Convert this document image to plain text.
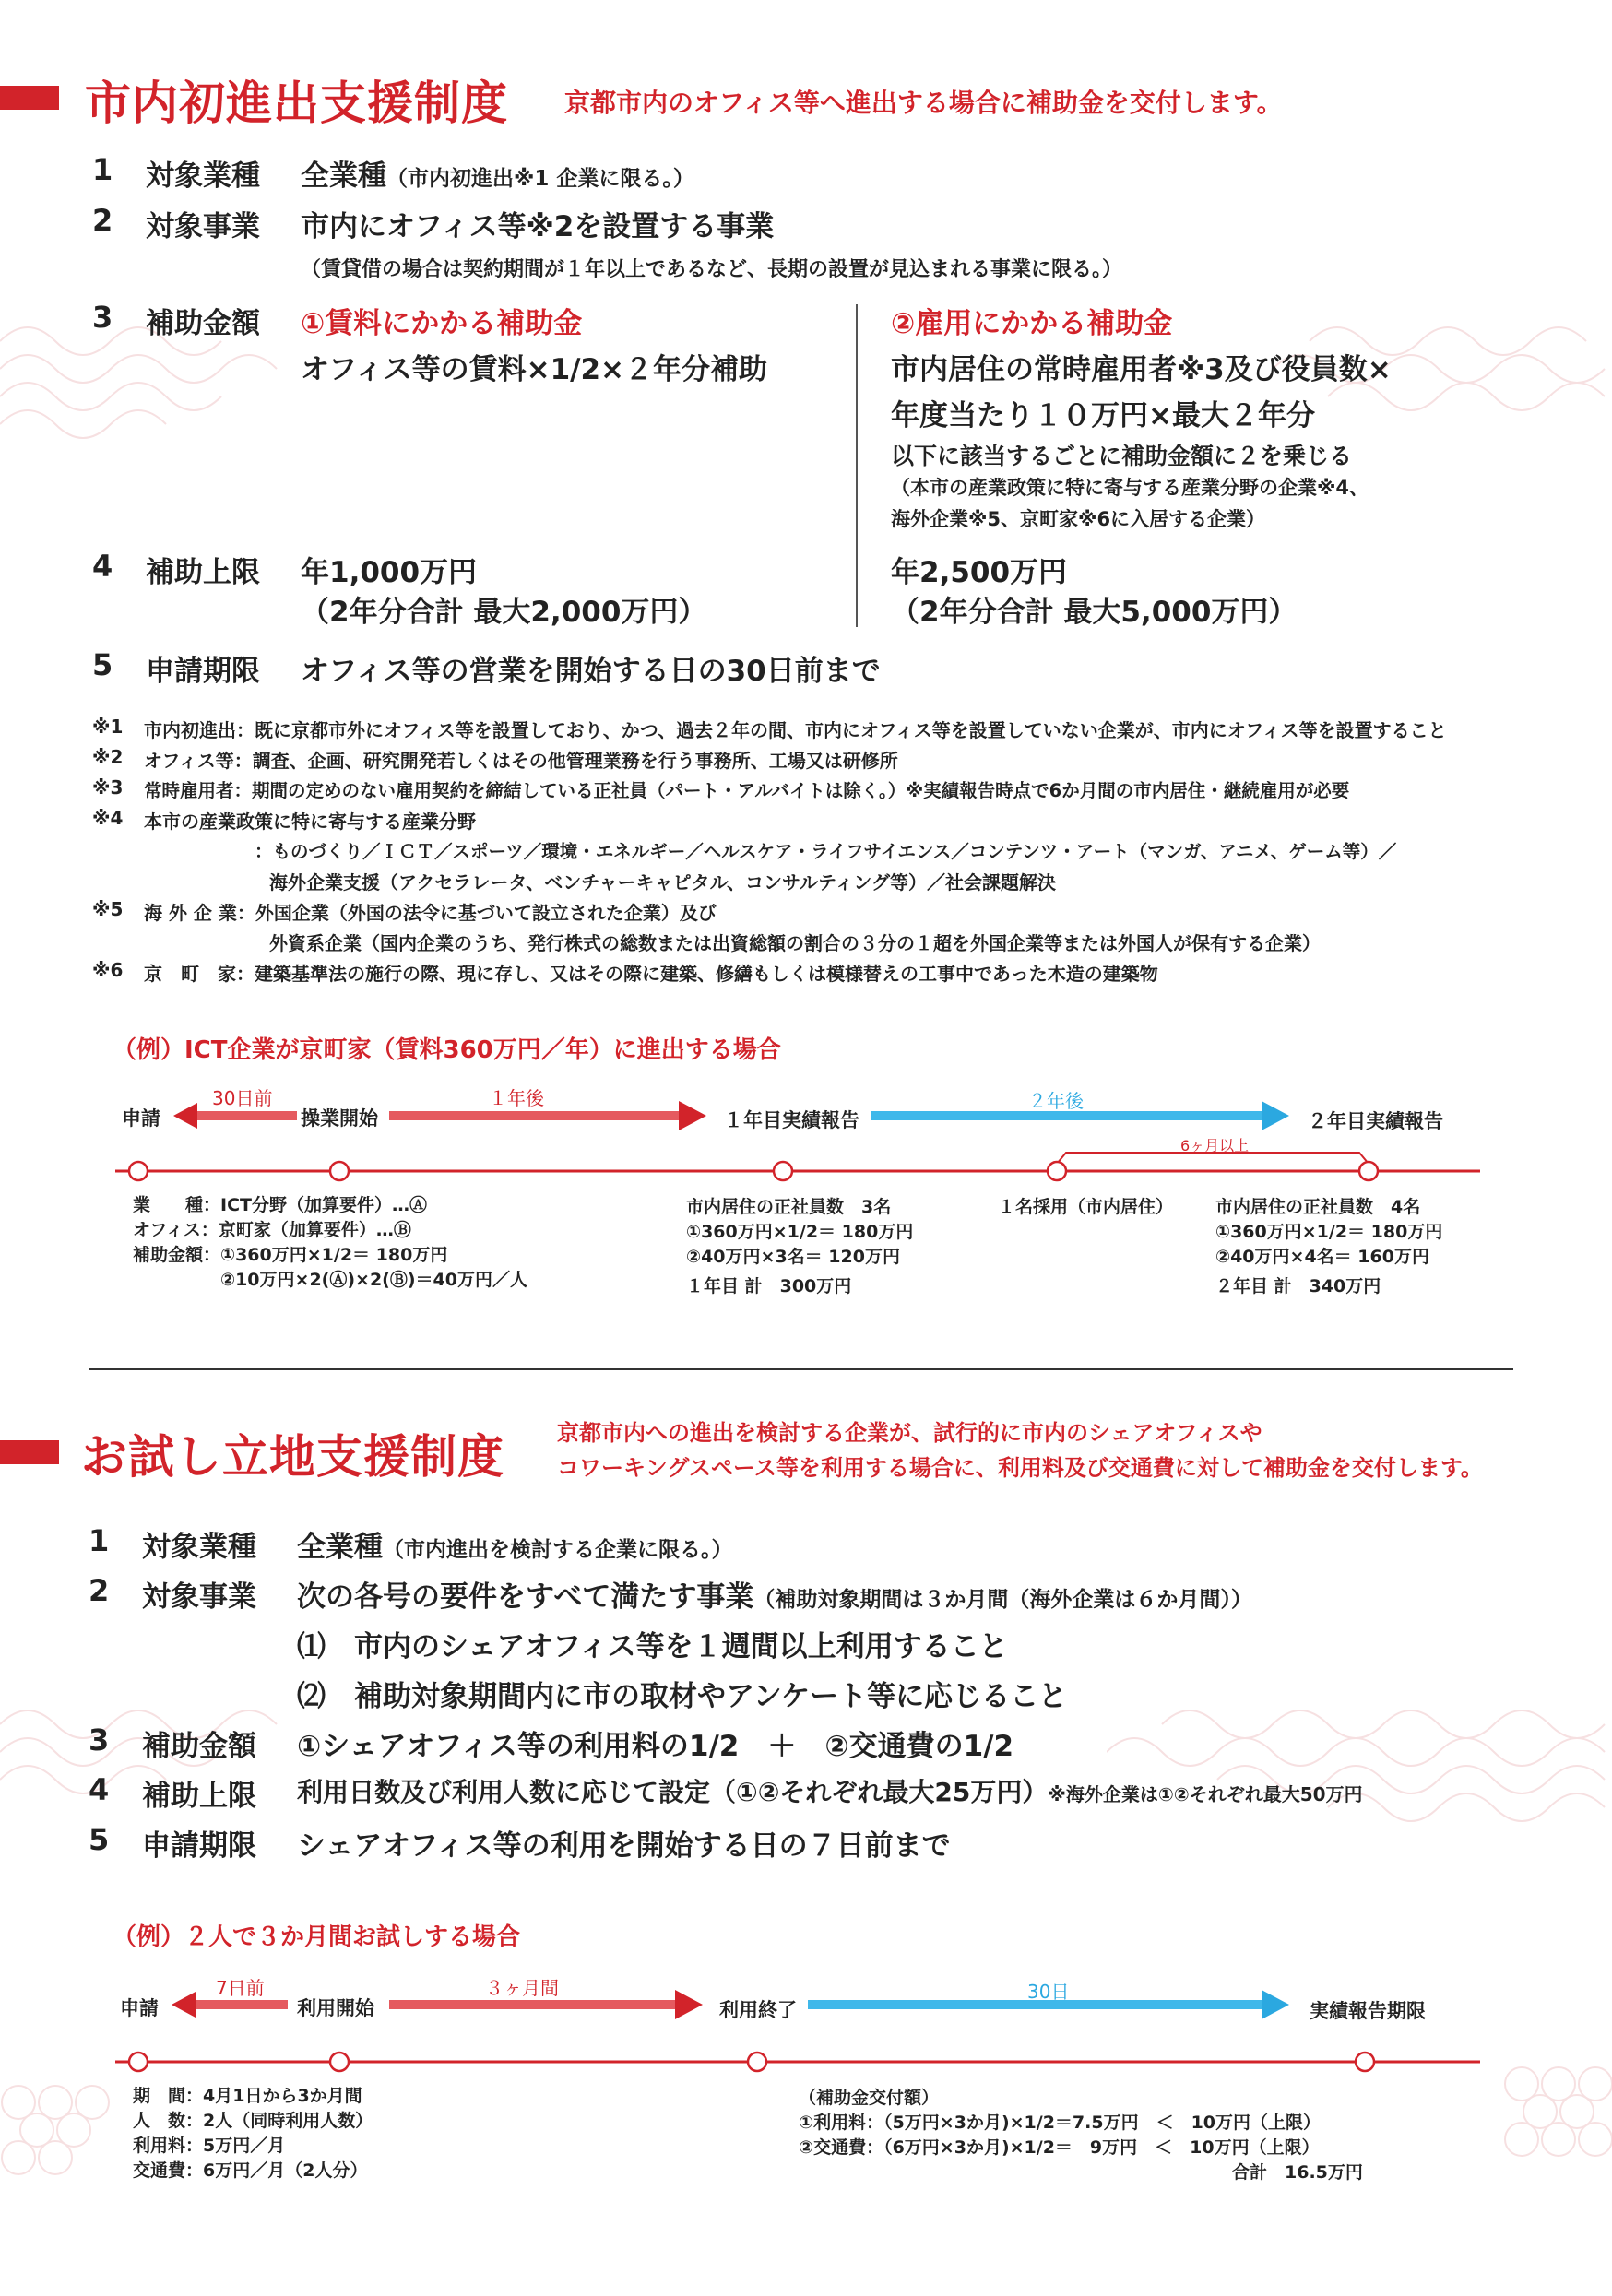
市内初進出支援制度 京都市内のオフィス等へ進出する場合に補助金を交付します。
1 対象業種 全業種（市内初進出※1 企業に限る。）
2 対象事業 市内にオフィス等※2を設置する事業
（賃貸借の場合は契約期間が１年以上であるなど、長期の設置が見込まれる事業に限る。）
3 補助金額 ①賃料にかかる補助金
オフィス等の賃料×1/2×２年分補助
②雇用にかかる補助金
市内居住の常時雇用者※3及び役員数×
年度当たり１０万円×最大２年分
以下に該当するごとに補助金額に２を乗じる
（本市の産業政策に特に寄与する産業分野の企業※4、
海外企業※5、京町家※6に入居する企業）
4 補助上限 年1,000万円
（2年分合計 最大2,000万円）
年2,500万円
（2年分合計 最大5,000万円）
5 申請期限 オフィス等の営業を開始する日の30日前まで
※1 市内初進出：既に京都市外にオフィス等を設置しており、かつ、過去２年の間、市内にオフィス等を設置していない企業が、市内にオフィス等を設置すること
※2 オフィス等：調査、企画、研究開発若しくはその他管理業務を行う事務所、工場又は研修所
※3 常時雇用者：期間の定めのない雇用契約を締結している正社員（パート・アルバイトは除く。）※実績報告時点で6か月間の市内居住・継続雇用が必要
※4 本市の産業政策に特に寄与する産業分野
：ものづくり／ＩＣＴ／スポーツ／環境・エネルギー／ヘルスケア・ライフサイエンス／コンテンツ・アート（マンガ、アニメ、ゲーム等）／
海外企業支援（アクセラレータ、ベンチャーキャピタル、コンサルティング等）／社会課題解決
※5 海 外 企 業：外国企業（外国の法令に基づいて設立された企業）及び
外資系企業（国内企業のうち、発行株式の総数または出資総額の割合の３分の１超を外国企業等または外国人が保有する企業）
※6 京　町　家：建築基準法の施行の際、現に存し、又はその際に建築、修繕もしくは模様替えの工事中であった木造の建築物
（例）ICT企業が京町家（賃料360万円／年）に進出する場合
申請	操業開始	１年目実績報告	２年目実績報告
30日前	１年後	２年後
6ヶ月以上
業　　種：ICT分野（加算要件）…Ⓐ
オフィス：京町家（加算要件）…Ⓑ
補助金額：①360万円×1/2＝ 180万円
　　　　　②10万円×2(Ⓐ)×2(Ⓑ)＝40万円／人
市内居住の正社員数　3名
①360万円×1/2＝ 180万円
②40万円×3名＝ 120万円
１年目 計　300万円
１名採用（市内居住） 市内居住の正社員数　4名
①360万円×1/2＝ 180万円
②40万円×4名＝ 160万円
２年目 計　340万円
お試し立地支援制度 京都市内への進出を検討する企業が、試行的に市内のシェアオフィスや
コワーキングスペース等を利用する場合に、利用料及び交通費に対して補助金を交付します。
1 対象業種 全業種（市内進出を検討する企業に限る。）
2 対象事業 次の各号の要件をすべて満たす事業（補助対象期間は３か月間（海外企業は６か月間））
⑴　市内のシェアオフィス等を１週間以上利用すること
⑵　補助対象期間内に市の取材やアンケート等に応じること
3 補助金額 ①シェアオフィス等の利用料の1/2　＋　②交通費の1/2
4 補助上限 利用日数及び利用人数に応じて設定（①②それぞれ最大25万円）※海外企業は①②それぞれ最大50万円
5 申請期限 シェアオフィス等の利用を開始する日の７日前まで
（例）２人で３か月間お試しする場合
申請	利用開始	利用終了	実績報告期限
7日前	３ヶ月間	30日
期　間：4月1日から3か月間
人　数：2人（同時利用人数）
利用料：5万円／月
交通費：6万円／月（2人分）
（補助金交付額）
①利用料：（5万円×3か月)×1/2＝7.5万円　＜　10万円（上限）
②交通費：（6万円×3か月)×1/2＝　9万円　＜　10万円（上限）
合計　16.5万円
